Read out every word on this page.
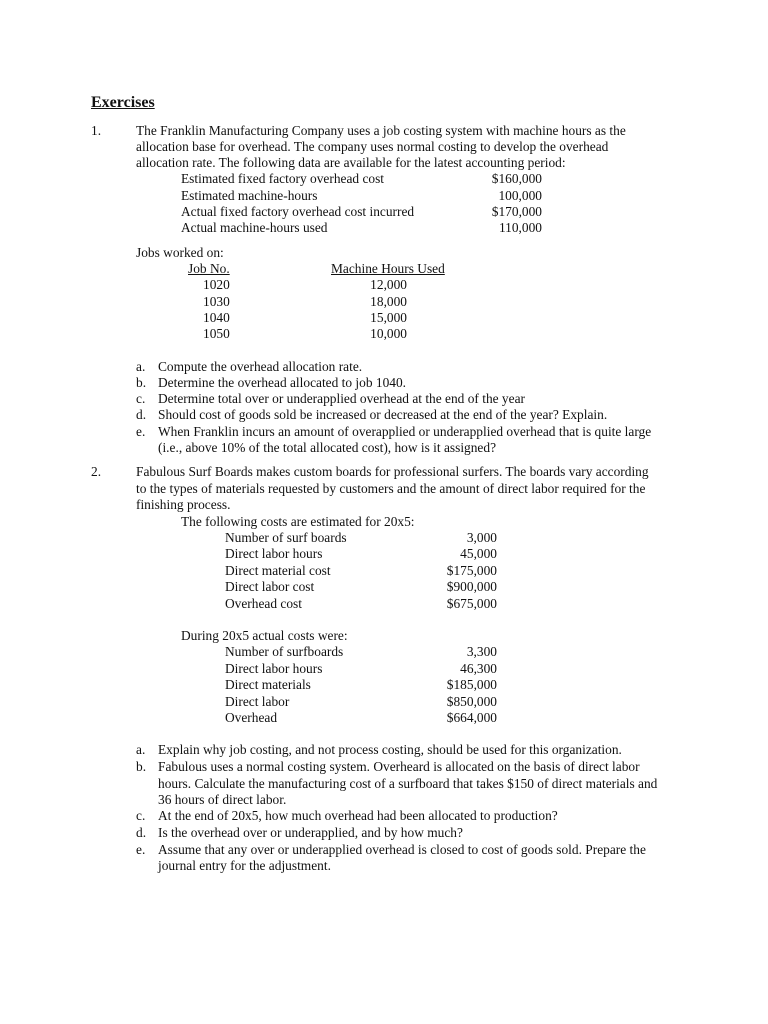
Exercises
1.	The Franklin Manufacturing Company uses a job costing system with machine hours as the
allocation base for overhead. The company uses normal costing to develop the overhead
allocation rate. The following data are available for the latest accounting period:
Estimated fixed factory overhead cost	$160,000
Estimated machine-hours	100,000
Actual fixed factory overhead cost incurred	$170,000
Actual machine-hours used	110,000
Jobs worked on:
Job No.	Machine Hours Used
1020	12,000
1030	18,000
1040	15,000
1050	10,000
a. Compute the overhead allocation rate.
b. Determine the overhead allocated to job 1040.
c. Determine total over or underapplied overhead at the end of the year
d. Should cost of goods sold be increased or decreased at the end of the year? Explain.
e. When Franklin incurs an amount of overapplied or underapplied overhead that is quite large
(i.e., above 10% of the total allocated cost), how is it assigned?
2.	Fabulous Surf Boards makes custom boards for professional surfers. The boards vary according
to the types of materials requested by customers and the amount of direct labor required for the
finishing process.
The following costs are estimated for 20x5:
Number of surf boards	3,000
Direct labor hours	45,000
Direct material cost	$175,000
Direct labor cost	$900,000
Overhead cost	$675,000
During 20x5 actual costs were:
Number of surfboards	3,300
Direct labor hours	46,300
Direct materials	$185,000
Direct labor	$850,000
Overhead	$664,000
a. Explain why job costing, and not process costing, should be used for this organization.
b. Fabulous uses a normal costing system. Overheard is allocated on the basis of direct labor
hours. Calculate the manufacturing cost of a surfboard that takes $150 of direct materials and
36 hours of direct labor.
c. At the end of 20x5, how much overhead had been allocated to production?
d. Is the overhead over or underapplied, and by how much?
e. Assume that any over or underapplied overhead is closed to cost of goods sold. Prepare the
journal entry for the adjustment.
